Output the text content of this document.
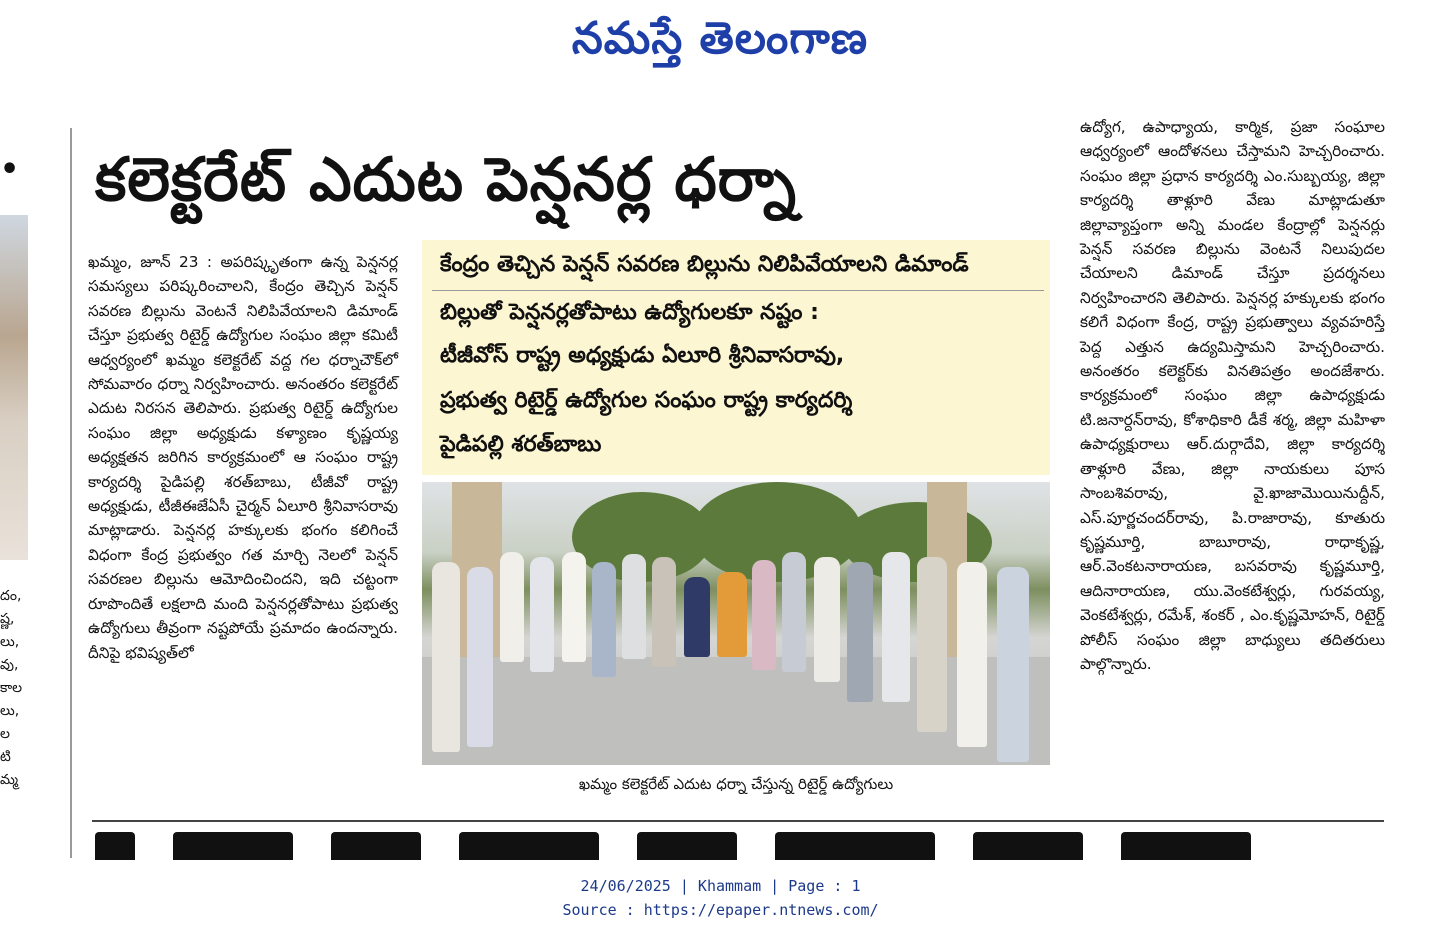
నమస్తే తెలంగాణ
•
దం,
ష్ణ,
లు,
వు,
కాల
లు,
ల
టి
మ్మ
కలెక్టరేట్ ఎదుట పెన్షనర్ల ధర్నా
ఖమ్మం, జూన్ 23 : అపరిష్కృతంగా ఉన్న పెన్షనర్ల సమస్యలు పరిష్కరించాలని, కేంద్రం తెచ్చిన పెన్షన్ సవరణ బిల్లును వెంటనే నిలిపివేయాలని డిమాండ్ చేస్తూ ప్రభుత్వ రిటైర్డ్ ఉద్యోగుల సంఘం జిల్లా కమిటీ ఆధ్వర్యంలో ఖమ్మం కలెక్టరేట్ వద్ద గల ధర్నాచౌక్‌లో సోమవారం ధర్నా నిర్వహించారు. అనంతరం కలెక్టరేట్ ఎదుట నిరసన తెలిపారు. ప్రభుత్వ రిటైర్డ్ ఉద్యోగుల సంఘం జిల్లా అధ్యక్షుడు కళ్యాణం కృష్ణయ్య అధ్యక్షతన జరిగిన కార్యక్రమంలో ఆ సంఘం రాష్ట్ర కార్యదర్శి పైడిపల్లి శరత్‌బాబు, టీజీవో రాష్ట్ర అధ్యక్షుడు, టీజీఈజేఏసీ చైర్మన్ ఏలూరి శ్రీనివాసరావు మాట్లాడారు. పెన్షనర్ల హక్కులకు భంగం కలిగించే విధంగా కేంద్ర ప్రభుత్వం గత మార్చి నెలలో పెన్షన్ సవరణల బిల్లును ఆమోదించిందని, ఇది చట్టంగా రూపొందితే లక్షలాది మంది పెన్షనర్లతోపాటు ప్రభుత్వ ఉద్యోగులు తీవ్రంగా నష్టపోయే ప్రమాదం ఉందన్నారు. దీనిపై భవిష్యత్‌లో
కేంద్రం తెచ్చిన పెన్షన్ సవరణ బిల్లును నిలిపివేయాలని డిమాండ్
బిల్లుతో పెన్షనర్లతోపాటు ఉద్యోగులకూ నష్టం :
టీజీవోస్ రాష్ట్ర అధ్యక్షుడు ఏలూరి శ్రీనివాసరావు,
ప్రభుత్వ రిటైర్డ్ ఉద్యోగుల సంఘం రాష్ట్ర కార్యదర్శి
పైడిపల్లి శరత్‌బాబు
ఖమ్మం కలెక్టరేట్ ఎదుట ధర్నా చేస్తున్న రిటైర్డ్ ఉద్యోగులు
ఉద్యోగ, ఉపాధ్యాయ, కార్మిక, ప్రజా సంఘాల ఆధ్వర్యంలో ఆందోళనలు చేస్తామని హెచ్చరించారు. సంఘం జిల్లా ప్రధాన కార్యదర్శి ఎం.సుబ్బయ్య, జిల్లా కార్యదర్శి తాళ్లూరి వేణు మాట్లాడుతూ జిల్లావ్యాప్తంగా అన్ని మండల కేంద్రాల్లో పెన్షనర్లు పెన్షన్ సవరణ బిల్లును వెంటనే నిలుపుదల చేయాలని డిమాండ్ చేస్తూ ప్రదర్శనలు నిర్వహించారని తెలిపారు. పెన్షనర్ల హక్కులకు భంగం కలిగే విధంగా కేంద్ర, రాష్ట్ర ప్రభుత్వాలు వ్యవహరిస్తే పెద్ద ఎత్తున ఉద్యమిస్తామని హెచ్చరించారు. అనంతరం కలెక్టర్‌కు వినతిపత్రం అందజేశారు. కార్యక్రమంలో సంఘం జిల్లా ఉపాధ్యక్షుడు టి.జనార్దన్‌రావు, కోశాధికారి డీకే శర్మ, జిల్లా మహిళా ఉపాధ్యక్షురాలు ఆర్.దుర్గాదేవి, జిల్లా కార్యదర్శి తాళ్లూరి వేణు, జిల్లా నాయకులు పూస సాంబశివరావు, వై.ఖాజామొయినుద్దీన్, ఎస్.పూర్ణచందర్‌రావు, పి.రాజారావు, కూతురు కృష్ణమూర్తి, బాబూరావు, రాధాకృష్ణ, ఆర్.వెంకటనారాయణ, బసవరావు కృష్ణమూర్తి, ఆదినారాయణ, యు.వెంకటేశ్వర్లు, గురవయ్య, వెంకటేశ్వర్లు, రమేశ్, శంకర్ , ఎం.కృష్ణమోహన్, రిటైర్డ్ పోలీస్ సంఘం జిల్లా బాధ్యులు తదితరులు పాల్గొన్నారు.
24/06/2025 | Khammam | Page : 1
Source : https://epaper.ntnews.com/
